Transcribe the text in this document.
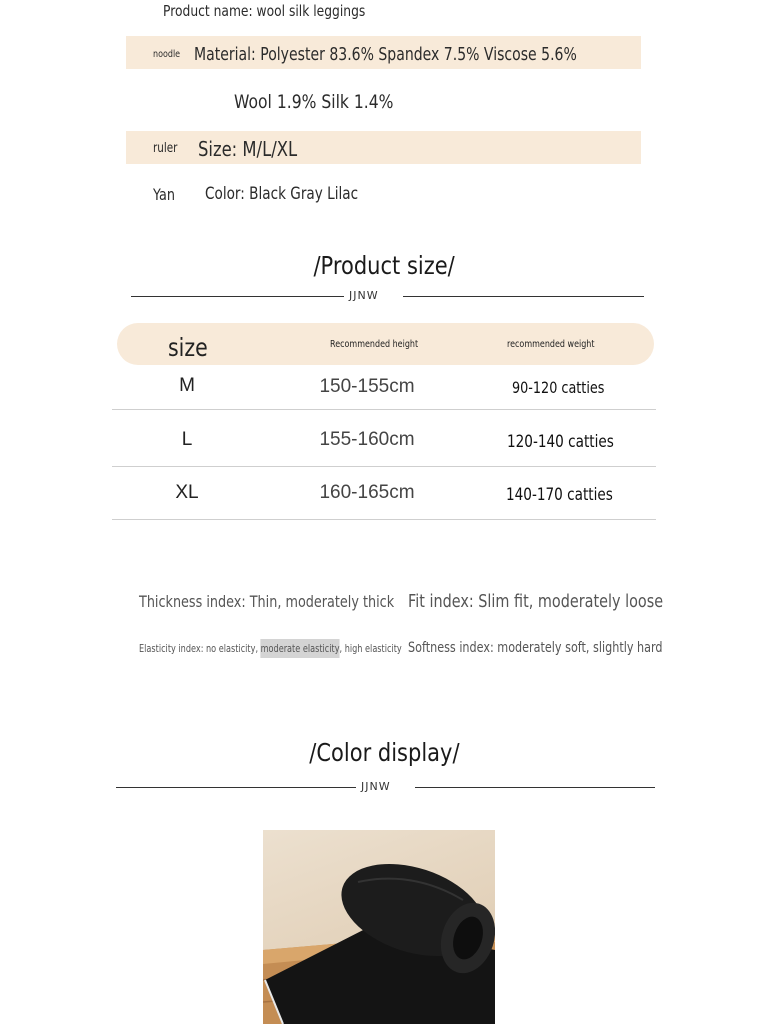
Product name: wool silk leggings
noodle Material: Polyester 83.6% Spandex 7.5% Viscose 5.6%
Wool 1.9% Silk 1.4%
ruler Size: M/L/XL
Yan Color: Black Gray Lilac
/Product size/
JJNW
size	Recommended height	recommended weight
M	150-155cm	90-120 catties
L	155-160cm	120-140 catties
XL	160-165cm	140-170 catties
Thickness index: Thin, moderately thick Fit index: Slim fit, moderately loose
Elasticity index: no elasticity, moderate elasticity, high elasticity Softness index: moderately soft, slightly hard
/Color display/
JJNW
